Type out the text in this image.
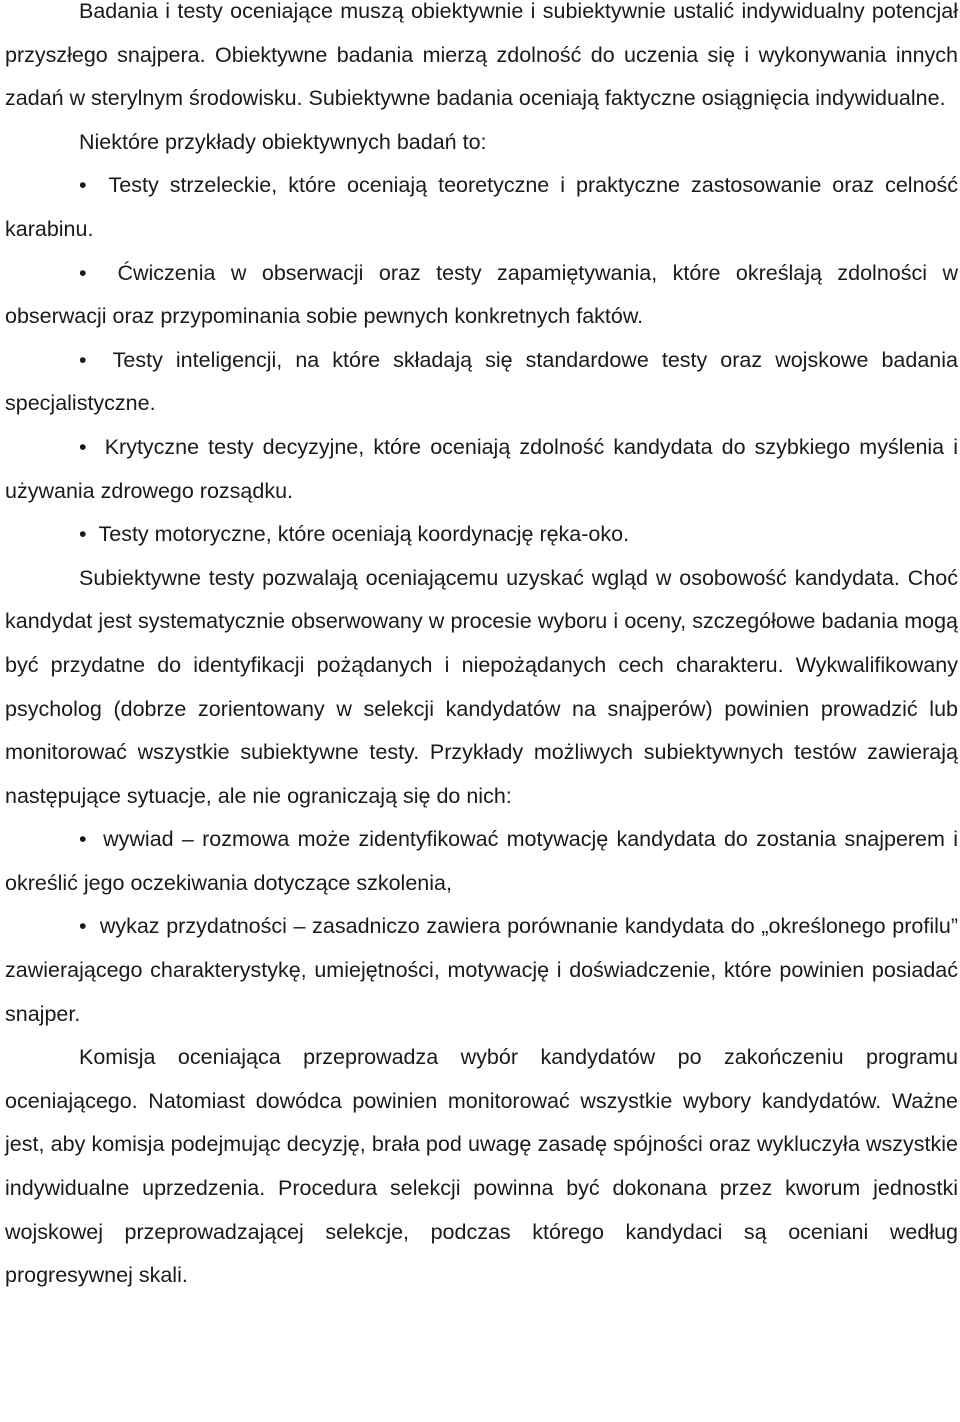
Badania i testy oceniające muszą obiektywnie i subiektywnie ustalić indywidualny potencjał przyszłego snajpera. Obiektywne badania mierzą zdolność do uczenia się i wykonywania innych zadań w sterylnym środowisku. Subiektywne badania oceniają faktyczne osiągnięcia indywidualne.

Niektóre przykłady obiektywnych badań to:

•  Testy strzeleckie, które oceniają teoretyczne i praktyczne zastosowanie oraz celność karabinu.

•  Ćwiczenia w obserwacji oraz testy zapamiętywania, które określają zdolności w obserwacji oraz przypominania sobie pewnych konkretnych faktów.

•  Testy inteligencji, na które składają się standardowe testy oraz wojskowe badania specjalistyczne.

•  Krytyczne testy decyzyjne, które oceniają zdolność kandydata do szybkiego myślenia i używania zdrowego rozsądku.

•  Testy motoryczne, które oceniają koordynację ręka-oko.

Subiektywne testy pozwalają oceniającemu uzyskać wgląd w osobowość kandydata. Choć kandydat jest systematycznie obserwowany w procesie wyboru i oceny, szczegółowe badania mogą być przydatne do identyfikacji pożądanych i niepożądanych cech charakteru. Wykwalifikowany psycholog (dobrze zorientowany w selekcji kandydatów na snajperów) powinien prowadzić lub monitorować wszystkie subiektywne testy. Przykłady możliwych subiektywnych testów zawierają następujące sytuacje, ale nie ograniczają się do nich:

•  wywiad – rozmowa może zidentyfikować motywację kandydata do zostania snajperem i określić jego oczekiwania dotyczące szkolenia,

•  wykaz przydatności – zasadniczo zawiera porównanie kandydata do „określonego profilu” zawierającego charakterystykę, umiejętności, motywację i doświadczenie, które powinien posiadać snajper.

Komisja oceniająca przeprowadza wybór kandydatów po zakończeniu programu oceniającego. Natomiast dowódca powinien monitorować wszystkie wybory kandydatów. Ważne jest, aby komisja podejmując decyzję, brała pod uwagę zasadę spójności oraz wykluczyła wszystkie indywidualne uprzedzenia. Procedura selekcji powinna być dokonana przez kworum jednostki wojskowej przeprowadzającej selekcje, podczas którego kandydaci są oceniani według progresywnej skali.
